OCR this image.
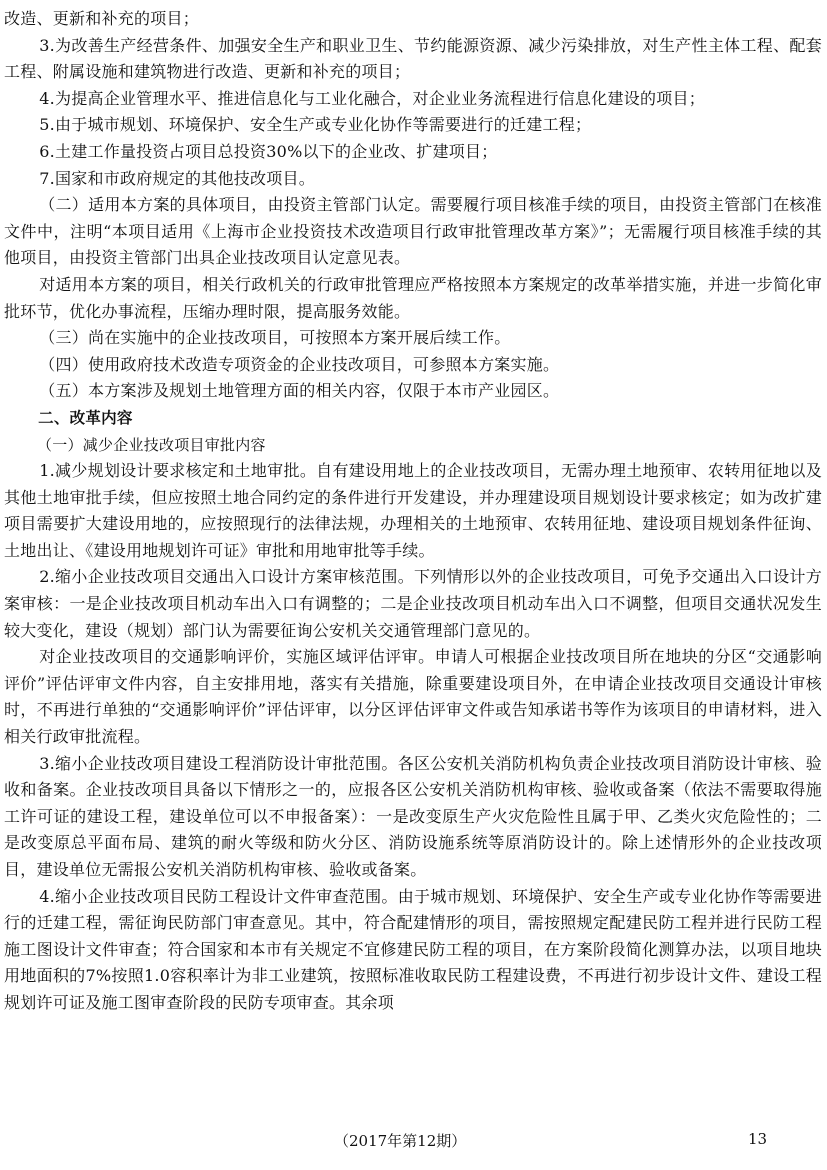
改造、更新和补充的项目；

3.为改善生产经营条件、加强安全生产和职业卫生、节约能源资源、减少污染排放，对生产性主体工程、配套工程、附属设施和建筑物进行改造、更新和补充的项目；

4.为提高企业管理水平、推进信息化与工业化融合，对企业业务流程进行信息化建设的项目；

5.由于城市规划、环境保护、安全生产或专业化协作等需要进行的迁建工程；

6.土建工作量投资占项目总投资30%以下的企业改、扩建项目；

7.国家和市政府规定的其他技改项目。

（二）适用本方案的具体项目，由投资主管部门认定。需要履行项目核准手续的项目，由投资主管部门在核准文件中，注明“本项目适用《上海市企业投资技术改造项目行政审批管理改革方案》”；无需履行项目核准手续的其他项目，由投资主管部门出具企业技改项目认定意见表。

对适用本方案的项目，相关行政机关的行政审批管理应严格按照本方案规定的改革举措实施，并进一步简化审批环节，优化办事流程，压缩办理时限，提高服务效能。

（三）尚在实施中的企业技改项目，可按照本方案开展后续工作。

（四）使用政府技术改造专项资金的企业技改项目，可参照本方案实施。

（五）本方案涉及规划土地管理方面的相关内容，仅限于本市产业园区。

二、改革内容

（一）减少企业技改项目审批内容

1.减少规划设计要求核定和土地审批。自有建设用地上的企业技改项目，无需办理土地预审、农转用征地以及其他土地审批手续，但应按照土地合同约定的条件进行开发建设，并办理建设项目规划设计要求核定；如为改扩建项目需要扩大建设用地的，应按照现行的法律法规，办理相关的土地预审、农转用征地、建设项目规划条件征询、土地出让、《建设用地规划许可证》审批和用地审批等手续。

2.缩小企业技改项目交通出入口设计方案审核范围。下列情形以外的企业技改项目，可免予交通出入口设计方案审核：一是企业技改项目机动车出入口有调整的；二是企业技改项目机动车出入口不调整，但项目交通状况发生较大变化，建设（规划）部门认为需要征询公安机关交通管理部门意见的。

对企业技改项目的交通影响评价，实施区域评估评审。申请人可根据企业技改项目所在地块的分区“交通影响评价”评估评审文件内容，自主安排用地，落实有关措施，除重要建设项目外，在申请企业技改项目交通设计审核时，不再进行单独的“交通影响评价”评估评审，以分区评估评审文件或告知承诺书等作为该项目的申请材料，进入相关行政审批流程。

3.缩小企业技改项目建设工程消防设计审批范围。各区公安机关消防机构负责企业技改项目消防设计审核、验收和备案。企业技改项目具备以下情形之一的，应报各区公安机关消防机构审核、验收或备案（依法不需要取得施工许可证的建设工程，建设单位可以不申报备案）：一是改变原生产火灾危险性且属于甲、乙类火灾危险性的；二是改变原总平面布局、建筑的耐火等级和防火分区、消防设施系统等原消防设计的。除上述情形外的企业技改项目，建设单位无需报公安机关消防机构审核、验收或备案。

4.缩小企业技改项目民防工程设计文件审查范围。由于城市规划、环境保护、安全生产或专业化协作等需要进行的迁建工程，需征询民防部门审查意见。其中，符合配建情形的项目，需按照规定配建民防工程并进行民防工程施工图设计文件审查；符合国家和本市有关规定不宜修建民防工程的项目，在方案阶段简化测算办法，以项目地块用地面积的7%按照1.0容积率计为非工业建筑，按照标准收取民防工程建设费，不再进行初步设计文件、建设工程规划许可证及施工图审查阶段的民防专项审查。其余项

（2017年第12期）	13
